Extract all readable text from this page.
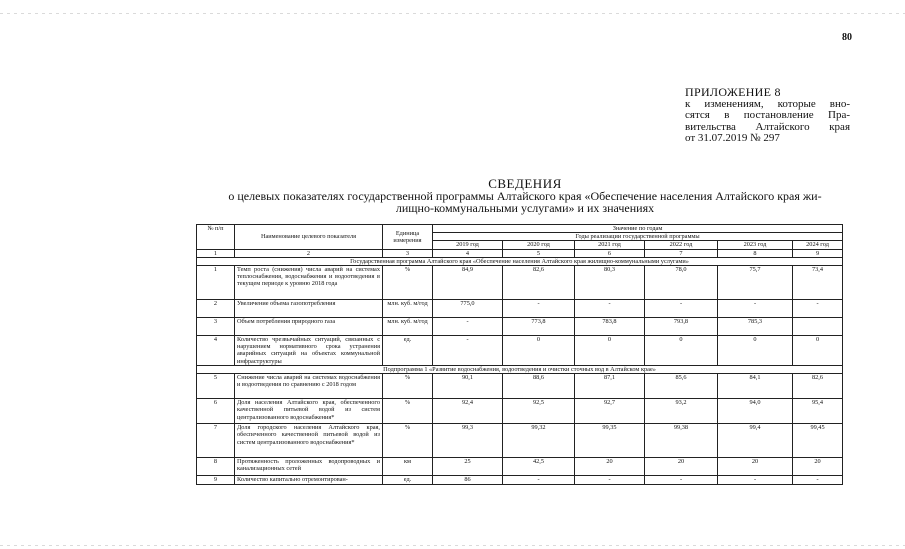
80
ПРИЛОЖЕНИЕ 8
к изменениям, которые вно-
сятся в постановление Пра-
вительства Алтайского края
от 31.07.2019 № 297
СВЕДЕНИЯ
о целевых показателях государственной программы Алтайского края «Обеспечение населения Алтайского края жи-
лищно-коммунальными услугами» и их значениях
№ п/п	Наименование целевого показателя	Единица измерения	Значение по годам					
			Годы реализации государственной программы					
			2019 год	2020 год	2021 год	2022 год	2023 год	2024 год
1	2	3	4	5	6	7	8	9
Государственная программа Алтайского края «Обеспечение населения Алтайского края жилищно-коммунальными услугами»								
1	Темп роста (снижения) числа аварий на системах теплоснабжения, водоснабжения и водоотведения в текущем периоде к уровню 2018 года	%	84,9	82,6	80,3	78,0	75,7	73,4
2	Увеличение объема газопотребления	млн. куб. м/год	775,0	-	-	-	-	-
3	Объем потребления природного газа	млн. куб. м/год	-	773,8	783,8	793,8	785,3	
4	Количество чрезвычайных ситуаций, связанных с нарушением нормативного срока устранения аварийных ситуаций на объектах коммунальной инфраструктуры	ед.	-	0	0	0	0	0
Подпрограмма 1 «Развитие водоснабжения, водоотведения и очистки сточных вод в Алтайском крае»								
5	Снижение числа аварий на системах водоснабжения и водоотведения по сравнению с 2018 годом	%	90,1	88,6	87,1	85,6	84,1	82,6
6	Доля населения Алтайского края, обеспеченного качественной питьевой водой из систем централизованного водоснабжения*	%	92,4	92,5	92,7	93,2	94,0	95,4
7	Доля городского населения Алтайского края, обеспеченного качественной питьевой водой из систем централизованного водоснабжения*	%	99,3	99,32	99,35	99,38	99,4	99,45
8	Протяженность проложенных водопроводных и канализационных сетей	км	25	42,5	20	20	20	20
9	Количество капитально отремонтирован-	ед.	86	-	-	-	-	-
